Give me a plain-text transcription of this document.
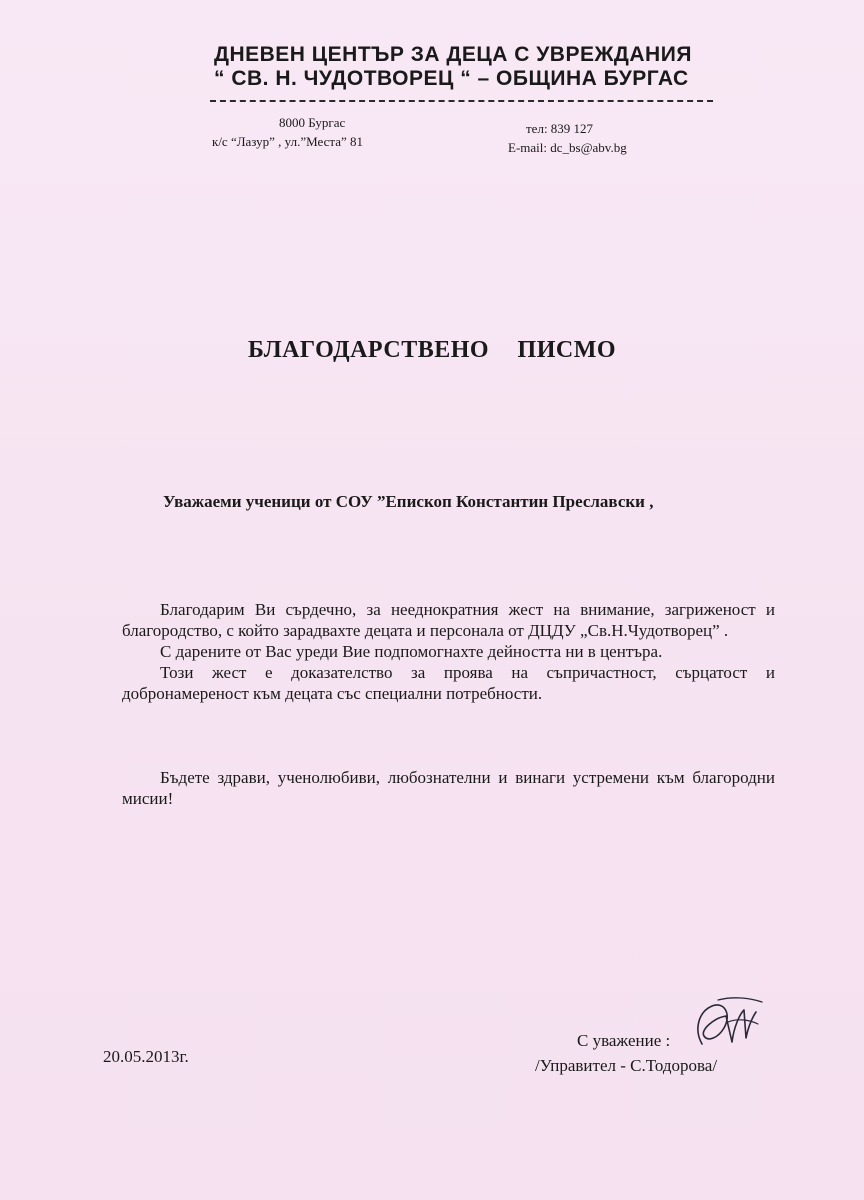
ДНЕВЕН ЦЕНТЪР ЗА ДЕЦА С УВРЕЖДАНИЯ
“ СВ. Н. ЧУДОТВОРЕЦ “ – ОБЩИНА БУРГАС
8000 Бургас
к/с “Лазур” , ул.”Места” 81
тел: 839 127
E-mail: dc_bs@abv.bg
БЛАГОДАРСТВЕНО ПИСМО
Уважаеми ученици от СОУ ”Епископ Константин Преславски ,

Благодарим Ви сърдечно, за нееднократния жест на внимание, загриженост и благородство, с който зарадвахте децата и персонала от ДЦДУ „Св.Н.Чудотворец” .

С дарените от Вас уреди Вие подпомогнахте дейността ни в центъра.

Този жест е доказателство за проява на съпричастност, сърцатост и добронамереност към децата със специални потребности.

Бъдете здрави, ученолюбиви, любознателни и винаги устремени към благородни мисии!

20.05.2013г.
С уважение :
/Управител - С.Тодорова/
